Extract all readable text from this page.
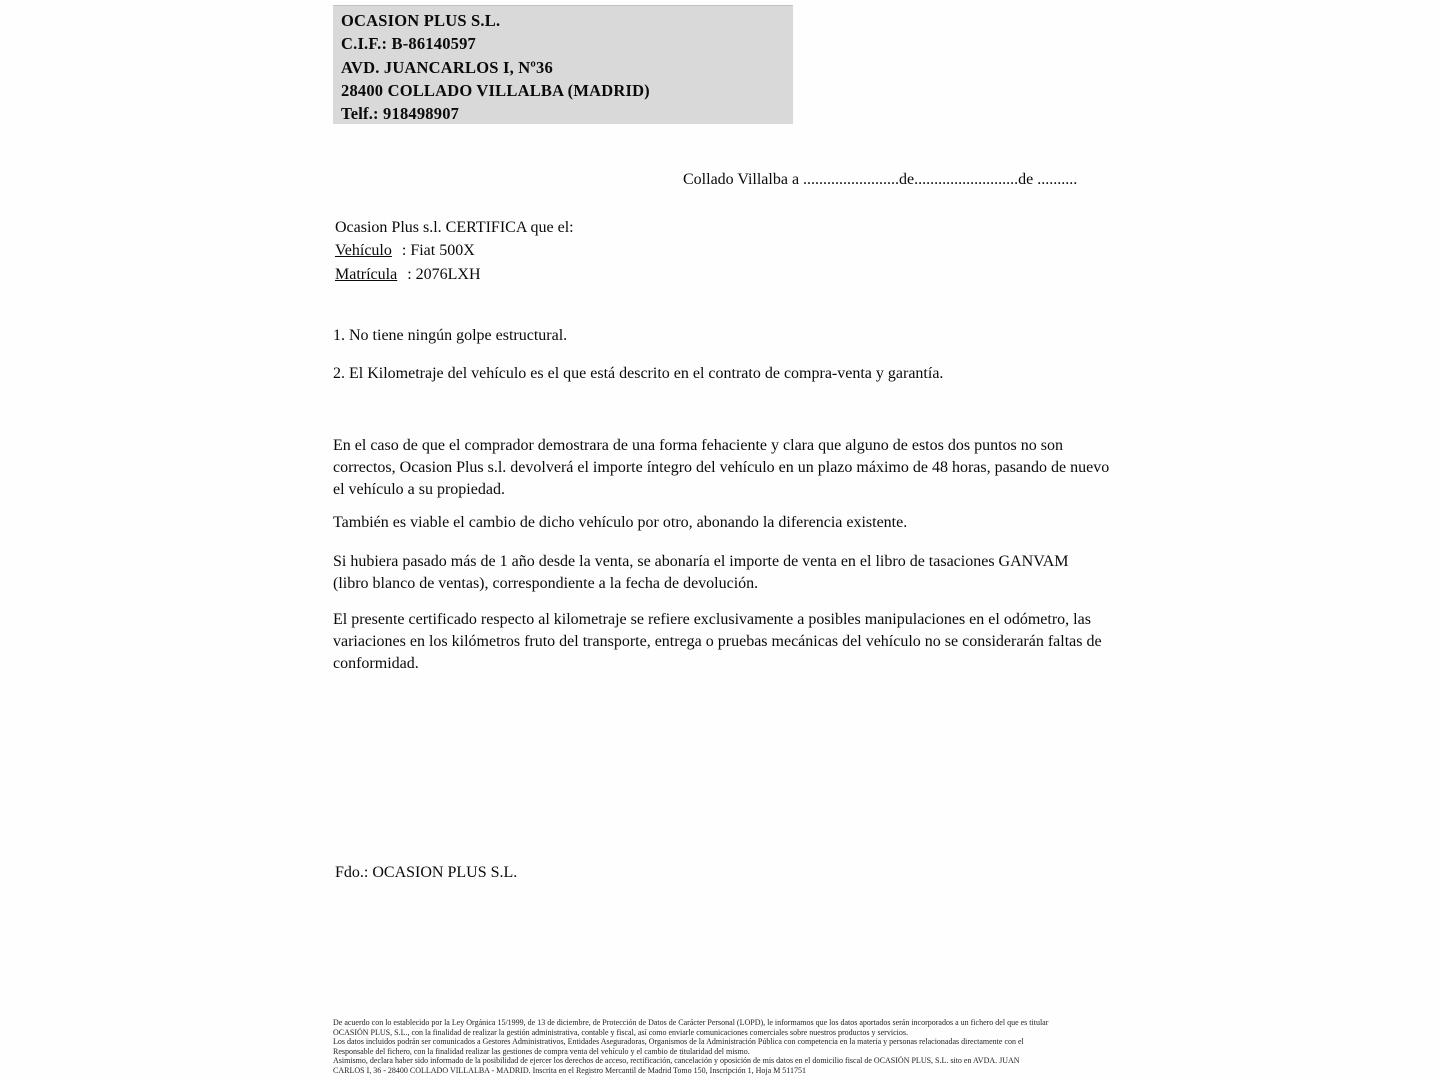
OCASION PLUS S.L.
C.I.F.: B-86140597
AVD. JUANCARLOS I, Nº36
28400 COLLADO VILLALBA (MADRID)
Telf.: 918498907
Collado Villalba a ........................de..........................de ..........
Ocasion Plus s.l. CERTIFICA que el:
Vehículo : Fiat 500X
Matrícula : 2076LXH
1. No tiene ningún golpe estructural.
2. El Kilometraje del vehículo es el que está descrito en el contrato de compra-venta y garantía.
En el caso de que el comprador demostrara de una forma fehaciente y clara que alguno de estos dos puntos no son correctos, Ocasion Plus s.l. devolverá el importe íntegro del vehículo en un plazo máximo de 48 horas, pasando de nuevo el vehículo a su propiedad.
También es viable el cambio de dicho vehículo por otro, abonando la diferencia existente.
Si hubiera pasado más de 1 año desde la venta, se abonaría el importe de venta en el libro de tasaciones GANVAM (libro blanco de ventas), correspondiente a la fecha de devolución.
El presente certificado respecto al kilometraje se refiere exclusivamente a posibles manipulaciones en el odómetro, las variaciones en los kilómetros fruto del transporte, entrega o pruebas mecánicas del vehículo no se considerarán faltas de conformidad.
Fdo.: OCASION PLUS S.L.
De acuerdo con lo establecido por la Ley Orgánica 15/1999, de 13 de diciembre, de Protección de Datos de Carácter Personal (LOPD), le informamos que los datos aportados serán incorporados a un fichero del que es titular
OCASIÓN PLUS, S.L., con la finalidad de realizar la gestión administrativa, contable y fiscal, así como enviarle comunicaciones comerciales sobre nuestros productos y servicios.
Los datos incluidos podrán ser comunicados a Gestores Administrativos, Entidades Aseguradoras, Organismos de la Administración Pública con competencia en la materia y personas relacionadas directamente con el
Responsable del fichero, con la finalidad realizar las gestiones de compra venta del vehículo y el cambio de titularidad del mismo.
Asimismo, declara haber sido informado de la posibilidad de ejercer los derechos de acceso, rectificación, cancelación y oposición de mis datos en el domicilio fiscal de OCASIÓN PLUS, S.L. sito en AVDA. JUAN
CARLOS I, 36 - 28400 COLLADO VILLALBA - MADRID. Inscrita en el Registro Mercantil de Madrid Tomo 150, Inscripción 1, Hoja M 511751
